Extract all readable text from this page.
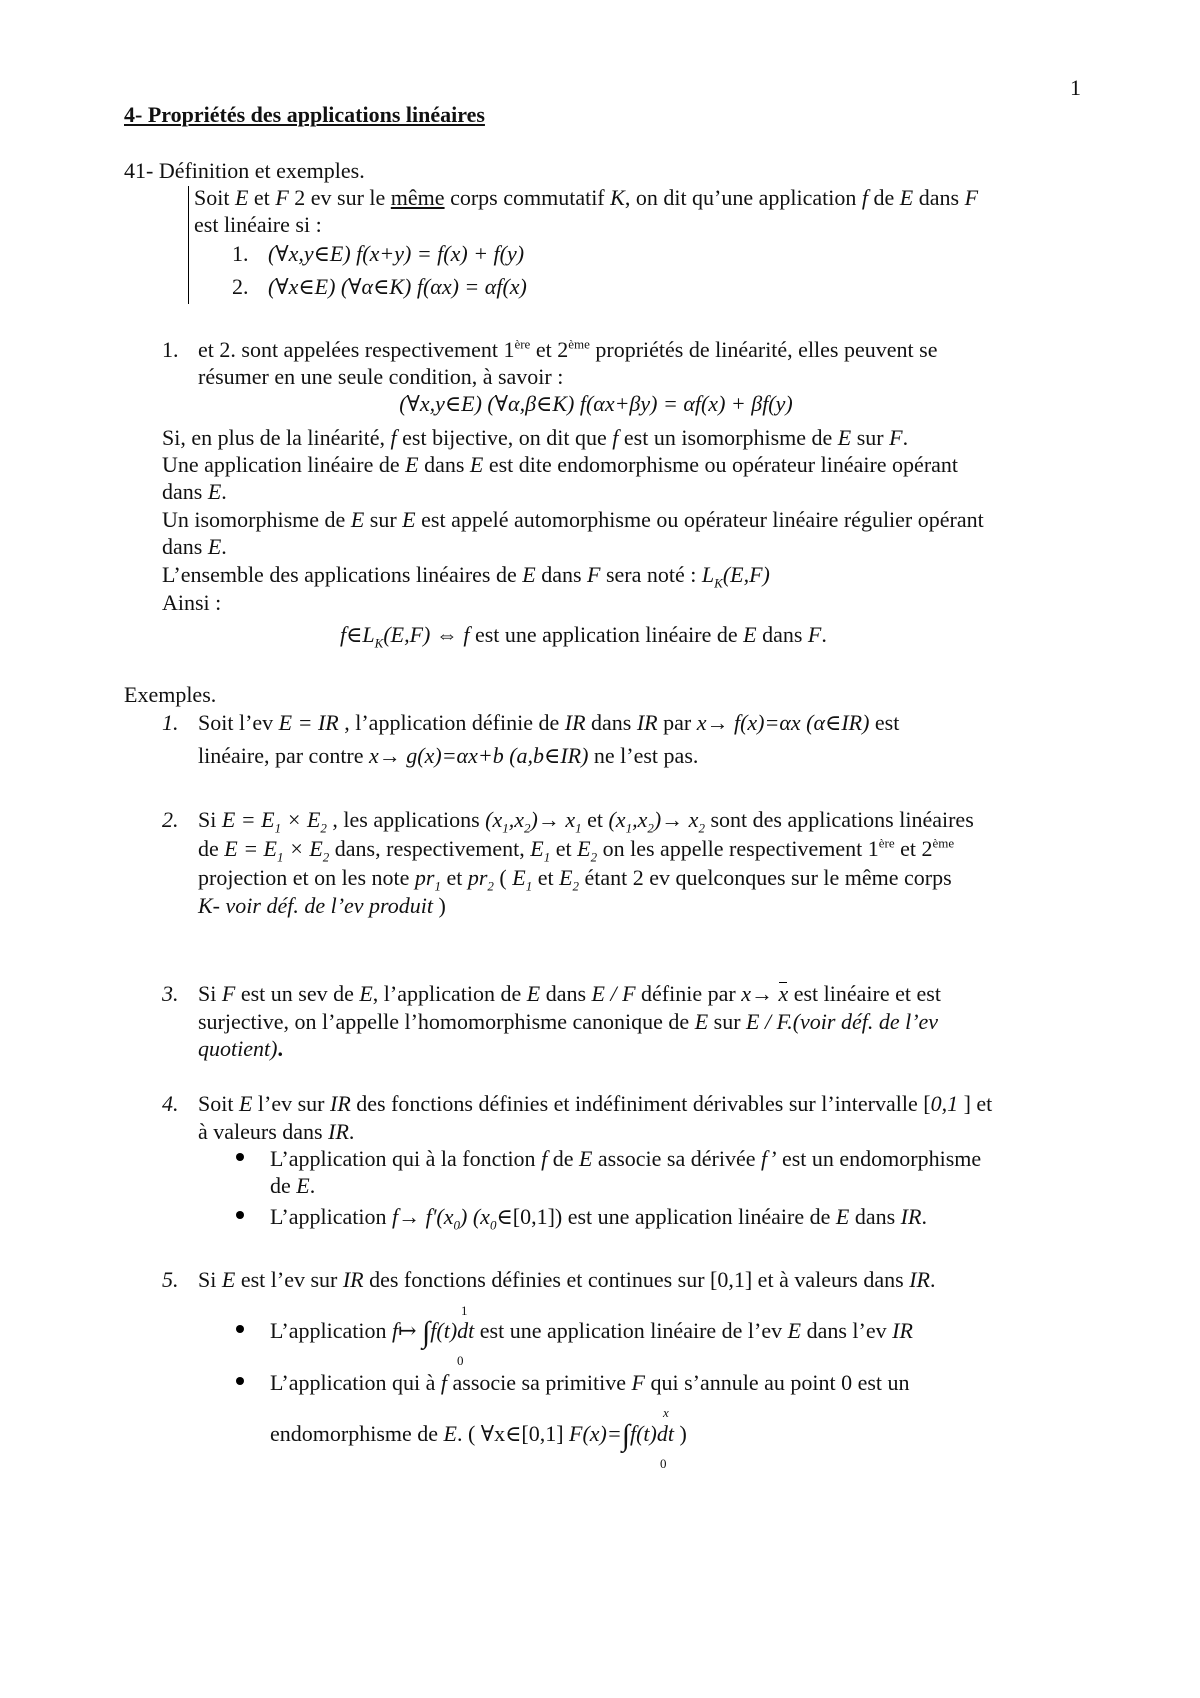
1
4- Propriétés des applications linéaires
41- Définition et exemples.
Soit E et F 2 ev sur le même corps commutatif K, on dit qu’une application f de E dans F
est linéaire si :
1. (∀x,y∈E) f(x+y) = f(x) + f(y)
2. (∀x∈E) (∀α∈K) f(αx) = αf(x)
1. et 2. sont appelées respectivement 1ère et 2ème propriétés de linéarité, elles peuvent se
résumer en une seule condition, à savoir :
(∀x,y∈E) (∀α,β∈K) f(αx+βy) = αf(x) + βf(y)
Si, en plus de la linéarité, f est bijective, on dit que f est un isomorphisme de E sur F.
Une application linéaire de E dans E est dite endomorphisme ou opérateur linéaire opérant
dans E.
Un isomorphisme de E sur E est appelé automorphisme ou opérateur linéaire régulier opérant
dans E.
L’ensemble des applications linéaires de E dans F sera noté : $L_K(E,F)$
Ainsi :
$f\in L_K(E,F)$ ⇔ f est une application linéaire de E dans F.
Exemples.
1. Soit l’ev E = IR , l’application définie de IR dans IR par x→ f(x)=αx (α∈IR) est
linéaire, par contre x→ g(x)=αx+b (a,b∈IR) ne l’est pas.
2. Si $E = E_1 \times E_2$ , les applications $(x_1,x_2)\to x_1$ et $(x_1,x_2)\to x_2$ sont des applications linéaires
de $E = E_1 \times E_2$ dans, respectivement, $E_1$ et $E_2$ on les appelle respectivement 1ère et 2ème
projection et on les note $pr_1$ et $pr_2$ ( $E_1$ et $E_2$ étant 2 ev quelconques sur le même corps
K- voir déf. de l’ev produit )
3. Si F est un sev de E, l’application de E dans E / F définie par x→ x est linéaire et est
surjective, on l’appelle l’homomorphisme canonique de E sur E / F.(voir déf. de l’ev
quotient).
4. Soit E l’ev sur IR des fonctions définies et indéfiniment dérivables sur l’intervalle [0,1 ] et
à valeurs dans IR.
L’application qui à la fonction f de E associe sa dérivée f’ est un endomorphisme
de E.
L’application $f\to f'(x_0)$ $(x_0\in[0,1])$ est une application linéaire de E dans IR.
5. Si E est l’ev sur IR des fonctions définies et continues sur [0,1] et à valeurs dans IR.
1
L’application f↦ ∫f(t)dt est une application linéaire de l’ev E dans l’ev IR
0
L’application qui à f associe sa primitive F qui s’annule au point 0 est un
x
endomorphisme de E. ( ∀x∈[0,1] F(x)=∫f(t)dt )
0
